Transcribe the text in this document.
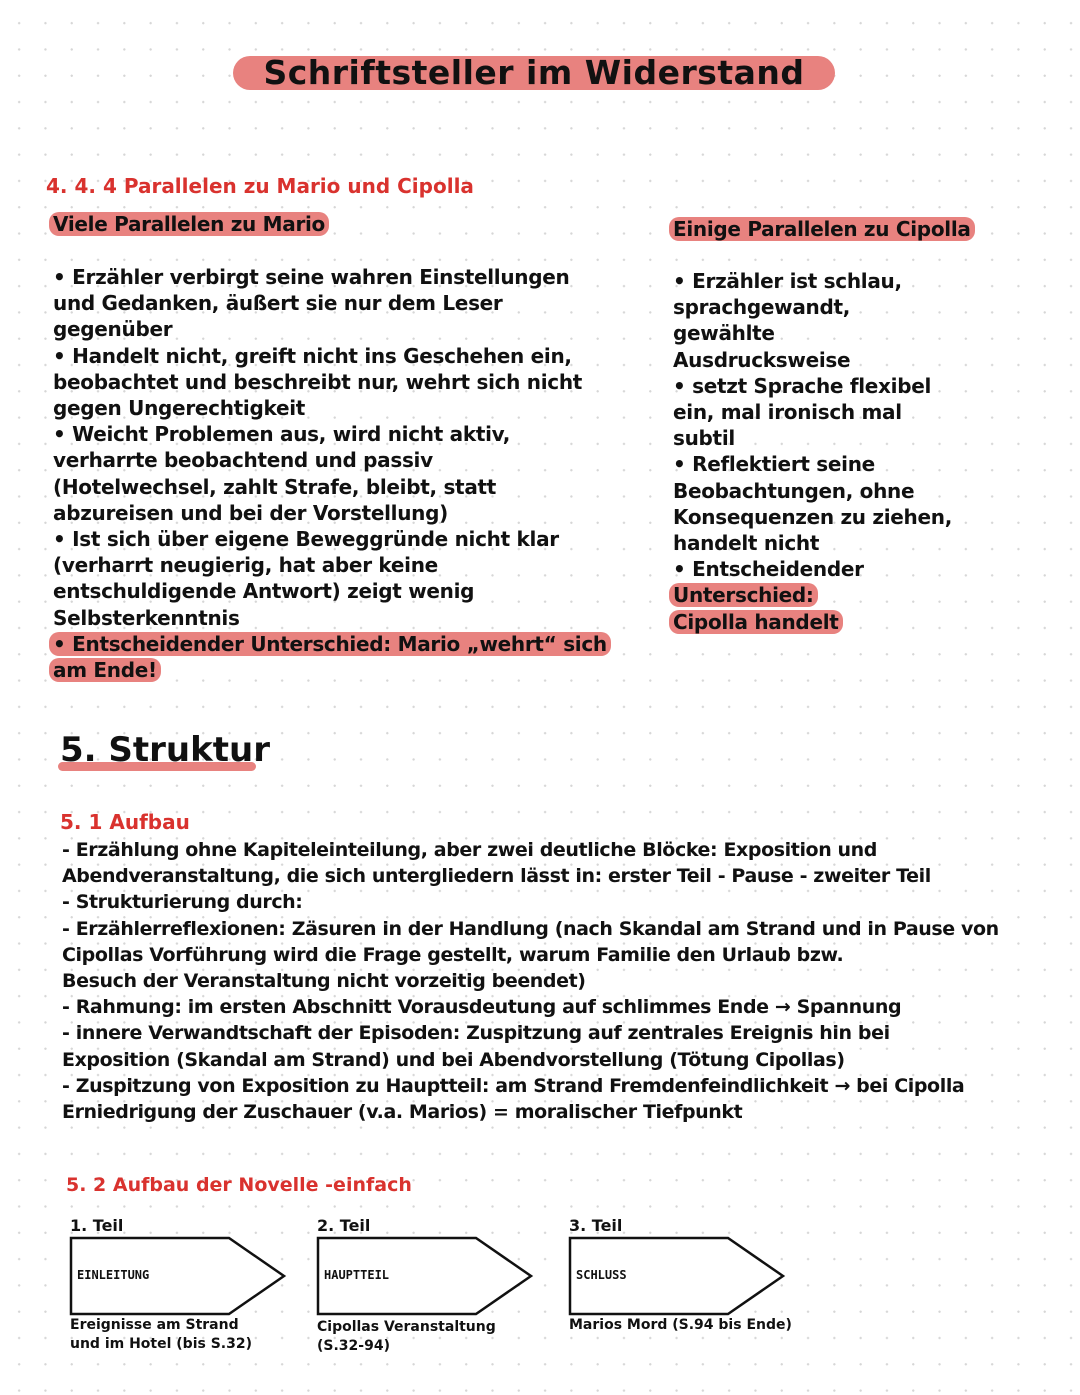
Schriftsteller im Widerstand
4. 4. 4 Parallelen zu Mario und Cipolla
Viele Parallelen zu Mario	Einige Parallelen zu Cipolla
• Erzähler verbirgt seine wahren Einstellungen
und Gedanken, äußert sie nur dem Leser
gegenüber
• Handelt nicht, greift nicht ins Geschehen ein,
beobachtet und beschreibt nur, wehrt sich nicht
gegen Ungerechtigkeit
• Weicht Problemen aus, wird nicht aktiv,
verharrte beobachtend und passiv
(Hotelwechsel, zahlt Strafe, bleibt, statt
abzureisen und bei der Vorstellung)
• Ist sich über eigene Beweggründe nicht klar
(verharrt neugierig, hat aber keine
entschuldigende Antwort) zeigt wenig
Selbsterkenntnis
• Entscheidender Unterschied: Mario „wehrt“ sich
am Ende!
• Erzähler ist schlau,
sprachgewandt,
gewählte
Ausdrucksweise
• setzt Sprache flexibel
ein, mal ironisch mal
subtil
• Reflektiert seine
Beobachtungen, ohne
Konsequenzen zu ziehen,
handelt nicht
• Entscheidender
Unterschied:
Cipolla handelt
5. Struktur
5. 1 Aufbau
- Erzählung ohne Kapiteleinteilung, aber zwei deutliche Blöcke: Exposition und
Abendveranstaltung, die sich untergliedern lässt in: erster Teil - Pause - zweiter Teil
- Strukturierung durch:
- Erzählerreflexionen: Zäsuren in der Handlung (nach Skandal am Strand und in Pause von
Cipollas Vorführung wird die Frage gestellt, warum Familie den Urlaub bzw.
Besuch der Veranstaltung nicht vorzeitig beendet)
- Rahmung: im ersten Abschnitt Vorausdeutung auf schlimmes Ende → Spannung
- innere Verwandtschaft der Episoden: Zuspitzung auf zentrales Ereignis hin bei
Exposition (Skandal am Strand) und bei Abendvorstellung (Tötung Cipollas)
- Zuspitzung von Exposition zu Hauptteil: am Strand Fremdenfeindlichkeit → bei Cipolla
Erniedrigung der Zuschauer (v.a. Marios) = moralischer Tiefpunkt
5. 2 Aufbau der Novelle -einfach
1. Teil
EINLEITUNG
Ereignisse am Strand
und im Hotel (bis S.32)
2. Teil
HAUPTTEIL
Cipollas Veranstaltung
(S.32-94)
3. Teil
SCHLUSS
Marios Mord (S.94 bis Ende)
